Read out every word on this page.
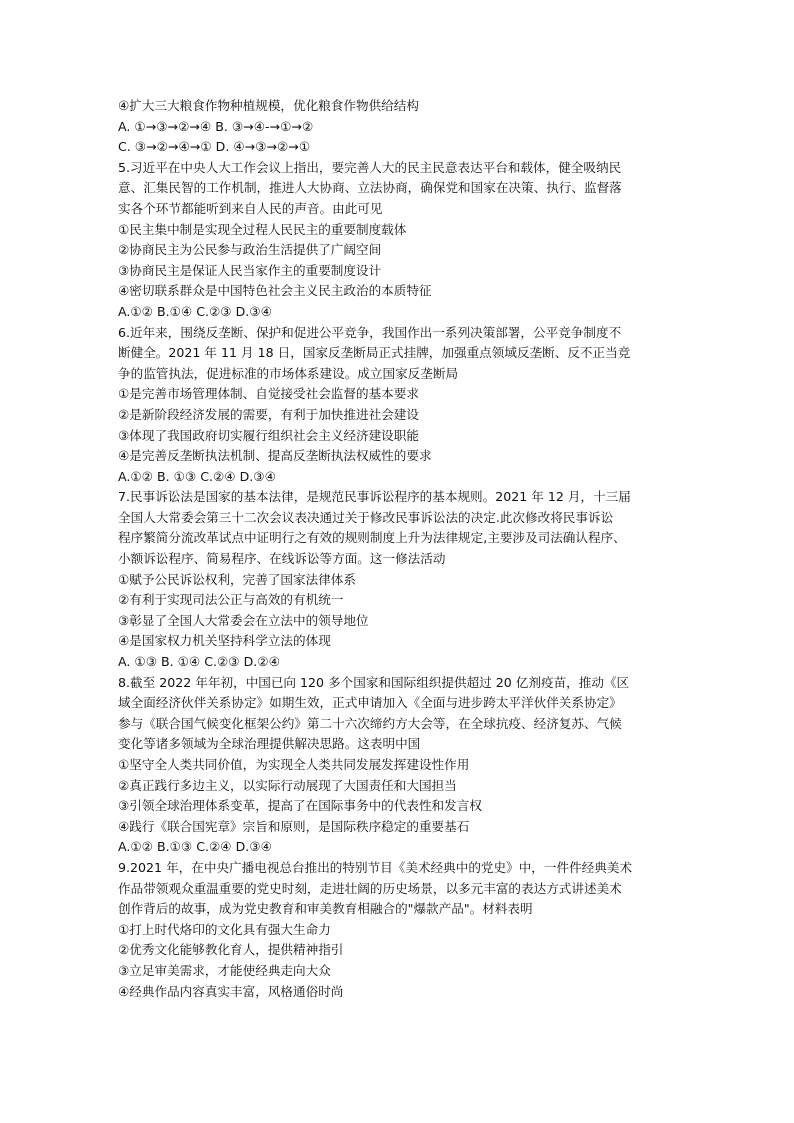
④扩大三大粮食作物种植规模，优化粮食作物供给结构
A. ①→③→②→④ B. ③→④-→①→②
C. ③→②→④→① D. ④→③→②→①
5.习近平在中央人大工作会议上指出，要完善人大的民主民意表达平台和载体，健全吸纳民
意、汇集民智的工作机制，推进人大协商、立法协商，确保党和国家在决策、执行、监督落
实各个环节都能听到来自人民的声音。由此可见
①民主集中制是实现全过程人民民主的重要制度载体
②协商民主为公民参与政治生活提供了广阔空间
③协商民主是保证人民当家作主的重要制度设计
④密切联系群众是中国特色社会主义民主政治的本质特征
A.①② B.①④ C.②③ D.③④
6.近年来，围绕反垄断、保护和促进公平竞争，我国作出一系列决策部署，公平竞争制度不
断健全。2021 年 11 月 18 日，国家反垄断局正式挂牌，加强重点领域反垄断、反不正当竞
争的监管执法，促进标准的市场体系建设。成立国家反垄断局
①是完善市场管理体制、自觉接受社会监督的基本要求
②是新阶段经济发展的需要，有利于加快推进社会建设
③体现了我国政府切实履行组织社会主义经济建设职能
④是完善反垄断执法机制、提高反垄断执法权威性的要求
A.①② B. ①③ C.②④ D.③④
7.民事诉讼法是国家的基本法律，是规范民事诉讼程序的基本规则。2021 年 12 月，十三届
全国人大常委会第三十二次会议表决通过关于修改民事诉讼法的决定.此次修改将民事诉讼
程序繁简分流改革试点中证明行之有效的规则制度上升为法律规定,主要涉及司法确认程序、
小额诉讼程序、简易程序、在线诉讼等方面。这一修法活动
①赋予公民诉讼权利，完善了国家法律体系
②有利于实现司法公正与高效的有机统一
③彰显了全国人大常委会在立法中的领导地位
④是国家权力机关坚持科学立法的体现
A. ①③ B. ①④ C.②③ D.②④
8.截至 2022 年年初，中国已向 120 多个国家和国际组织提供超过 20 亿剂疫苗，推动《区
域全面经济伙伴关系协定》如期生效，正式申请加入《全面与进步跨太平洋伙伴关系协定》
参与《联合国气候变化框架公约》第二十六次缔约方大会等，在全球抗疫、经济复苏、气候
变化等诸多领域为全球治理提供解决思路。这表明中国
①坚守全人类共同价值，为实现全人类共同发展发挥建设性作用
②真正践行多边主义，以实际行动展现了大国责任和大国担当
③引领全球治理体系变革，提高了在国际事务中的代表性和发言权
④践行《联合国宪章》宗旨和原则，是国际秩序稳定的重要基石
A.①② B.①③ C.②④ D.③④
9.2021 年，在中央广播电视总台推出的特别节目《美术经典中的党史》中，一件件经典美术
作品带领观众重温重要的党史时刻，走进壮阔的历史场景，以多元丰富的表达方式讲述美术
创作背后的故事，成为党史教育和审美教育相融合的"爆款产品"。材料表明
①打上时代烙印的文化具有强大生命力
②优秀文化能够教化育人，提供精神指引
③立足审美需求，才能使经典走向大众
④经典作品内容真实丰富，风格通俗时尚
